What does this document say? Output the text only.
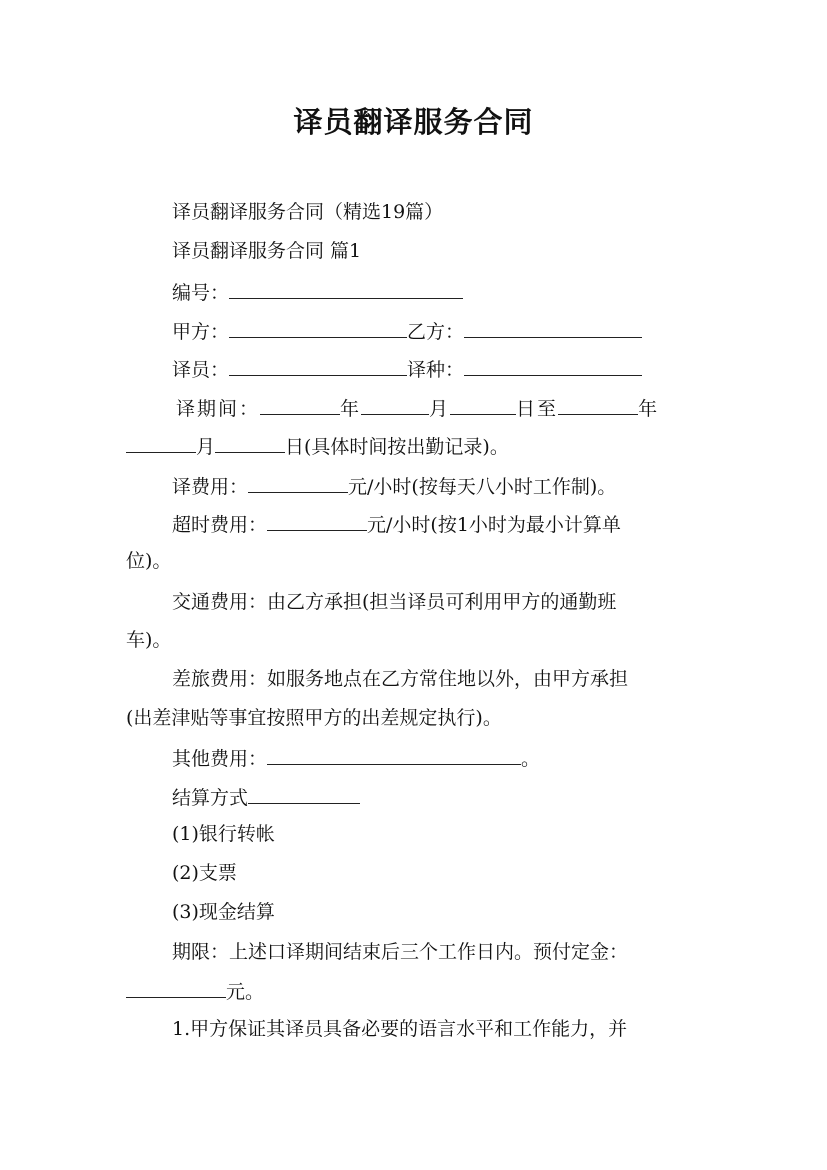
译员翻译服务合同
译员翻译服务合同（精选19篇）
译员翻译服务合同 篇1
编号：
甲方：	乙方：
译员：	译种：
译期间：	年	月	日至	年
月	日(具体时间按出勤记录)。
译费用：	元/小时(按每天八小时工作制)。
超时费用：	元/小时(按1小时为最小计算单
位)。
交通费用：由乙方承担(担当译员可利用甲方的通勤班
车)。
差旅费用：如服务地点在乙方常住地以外，由甲方承担
(出差津贴等事宜按照甲方的出差规定执行)。
其他费用：	。
结算方式
(1)银行转帐
(2)支票
(3)现金结算
期限：上述口译期间结束后三个工作日内。预付定金：
元。
1.甲方保证其译员具备必要的语言水平和工作能力，并
